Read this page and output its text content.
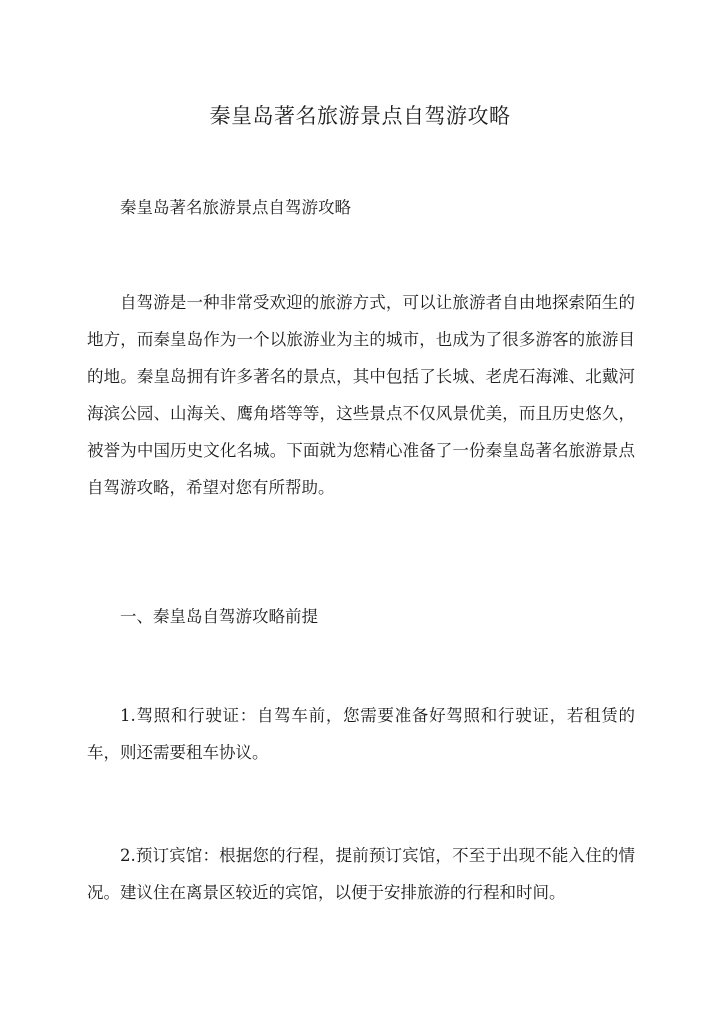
秦皇岛著名旅游景点自驾游攻略

秦皇岛著名旅游景点自驾游攻略

自驾游是一种非常受欢迎的旅游方式，可以让旅游者自由地探索陌生的地方，而秦皇岛作为一个以旅游业为主的城市，也成为了很多游客的旅游目的地。秦皇岛拥有许多著名的景点，其中包括了长城、老虎石海滩、北戴河海滨公园、山海关、鹰角塔等等，这些景点不仅风景优美，而且历史悠久，被誉为中国历史文化名城。下面就为您精心准备了一份秦皇岛著名旅游景点自驾游攻略，希望对您有所帮助。

一、秦皇岛自驾游攻略前提

1.驾照和行驶证：自驾车前，您需要准备好驾照和行驶证，若租赁的车，则还需要租车协议。

2.预订宾馆：根据您的行程，提前预订宾馆，不至于出现不能入住的情况。建议住在离景区较近的宾馆，以便于安排旅游的行程和时间。
